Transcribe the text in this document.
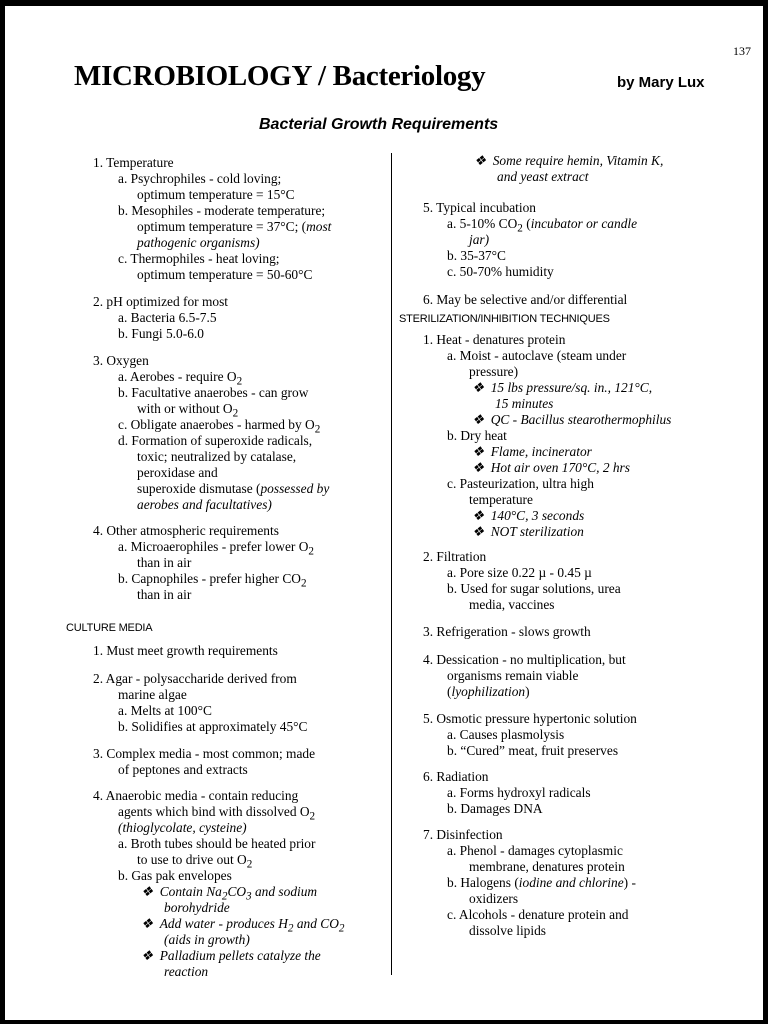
137
MICROBIOLOGY / Bacteriology	by Mary Lux
Bacterial Growth Requirements
1. Temperature
a. Psychrophiles - cold loving;
optimum temperature = 15°C
b. Mesophiles - moderate temperature;
optimum temperature = 37°C; (most
pathogenic organisms)
c. Thermophiles - heat loving;
optimum temperature = 50-60°C
2. pH optimized for most
a. Bacteria 6.5-7.5
b. Fungi 5.0-6.0
3. Oxygen
a. Aerobes - require $O_2$
b. Facultative anaerobes - can grow
with or without $O_2$
c. Obligate anaerobes - harmed by $O_2$
d. Formation of superoxide radicals,
toxic; neutralized by catalase,
peroxidase and
superoxide dismutase (possessed by
aerobes and facultatives)
4. Other atmospheric requirements
a. Microaerophiles - prefer lower $O_2$
than in air
b. Capnophiles - prefer higher $CO_2$
than in air
CULTURE MEDIA
1. Must meet growth requirements
2. Agar - polysaccharide derived from
marine algae
a. Melts at 100°C
b. Solidifies at approximately 45°C
3. Complex media - most common; made
of peptones and extracts
4. Anaerobic media - contain reducing
agents which bind with dissolved $O_2$
(thioglycolate, cysteine)
a. Broth tubes should be heated prior
to use to drive out $O_2$
b. Gas pak envelopes
❖ Contain $Na_2CO_3$ and sodium
borohydride
❖ Add water - produces $H_2$ and $CO_2$
(aids in growth)
❖ Palladium pellets catalyze the
reaction
❖ Some require hemin, Vitamin K,
and yeast extract
5. Typical incubation
a. 5-10% $CO_2$ (incubator or candle
jar)
b. 35-37°C
c. 50-70% humidity
6. May be selective and/or differential
STERILIZATION/INHIBITION TECHNIQUES
1. Heat - denatures protein
a. Moist - autoclave (steam under
pressure)
❖ 15 lbs pressure/sq. in., 121°C,
15 minutes
❖ QC - Bacillus stearothermophilus
b. Dry heat
❖ Flame, incinerator
❖ Hot air oven 170°C, 2 hrs
c. Pasteurization, ultra high
temperature
❖ 140°C, 3 seconds
❖ NOT sterilization
2. Filtration
a. Pore size 0.22 µ - 0.45 µ
b. Used for sugar solutions, urea
media, vaccines
3. Refrigeration - slows growth
4. Dessication - no multiplication, but
organisms remain viable
(lyophilization)
5. Osmotic pressure hypertonic solution
a. Causes plasmolysis
b. “Cured” meat, fruit preserves
6. Radiation
a. Forms hydroxyl radicals
b. Damages DNA
7. Disinfection
a. Phenol - damages cytoplasmic
membrane, denatures protein
b. Halogens (iodine and chlorine) -
oxidizers
c. Alcohols - denature protein and
dissolve lipids
